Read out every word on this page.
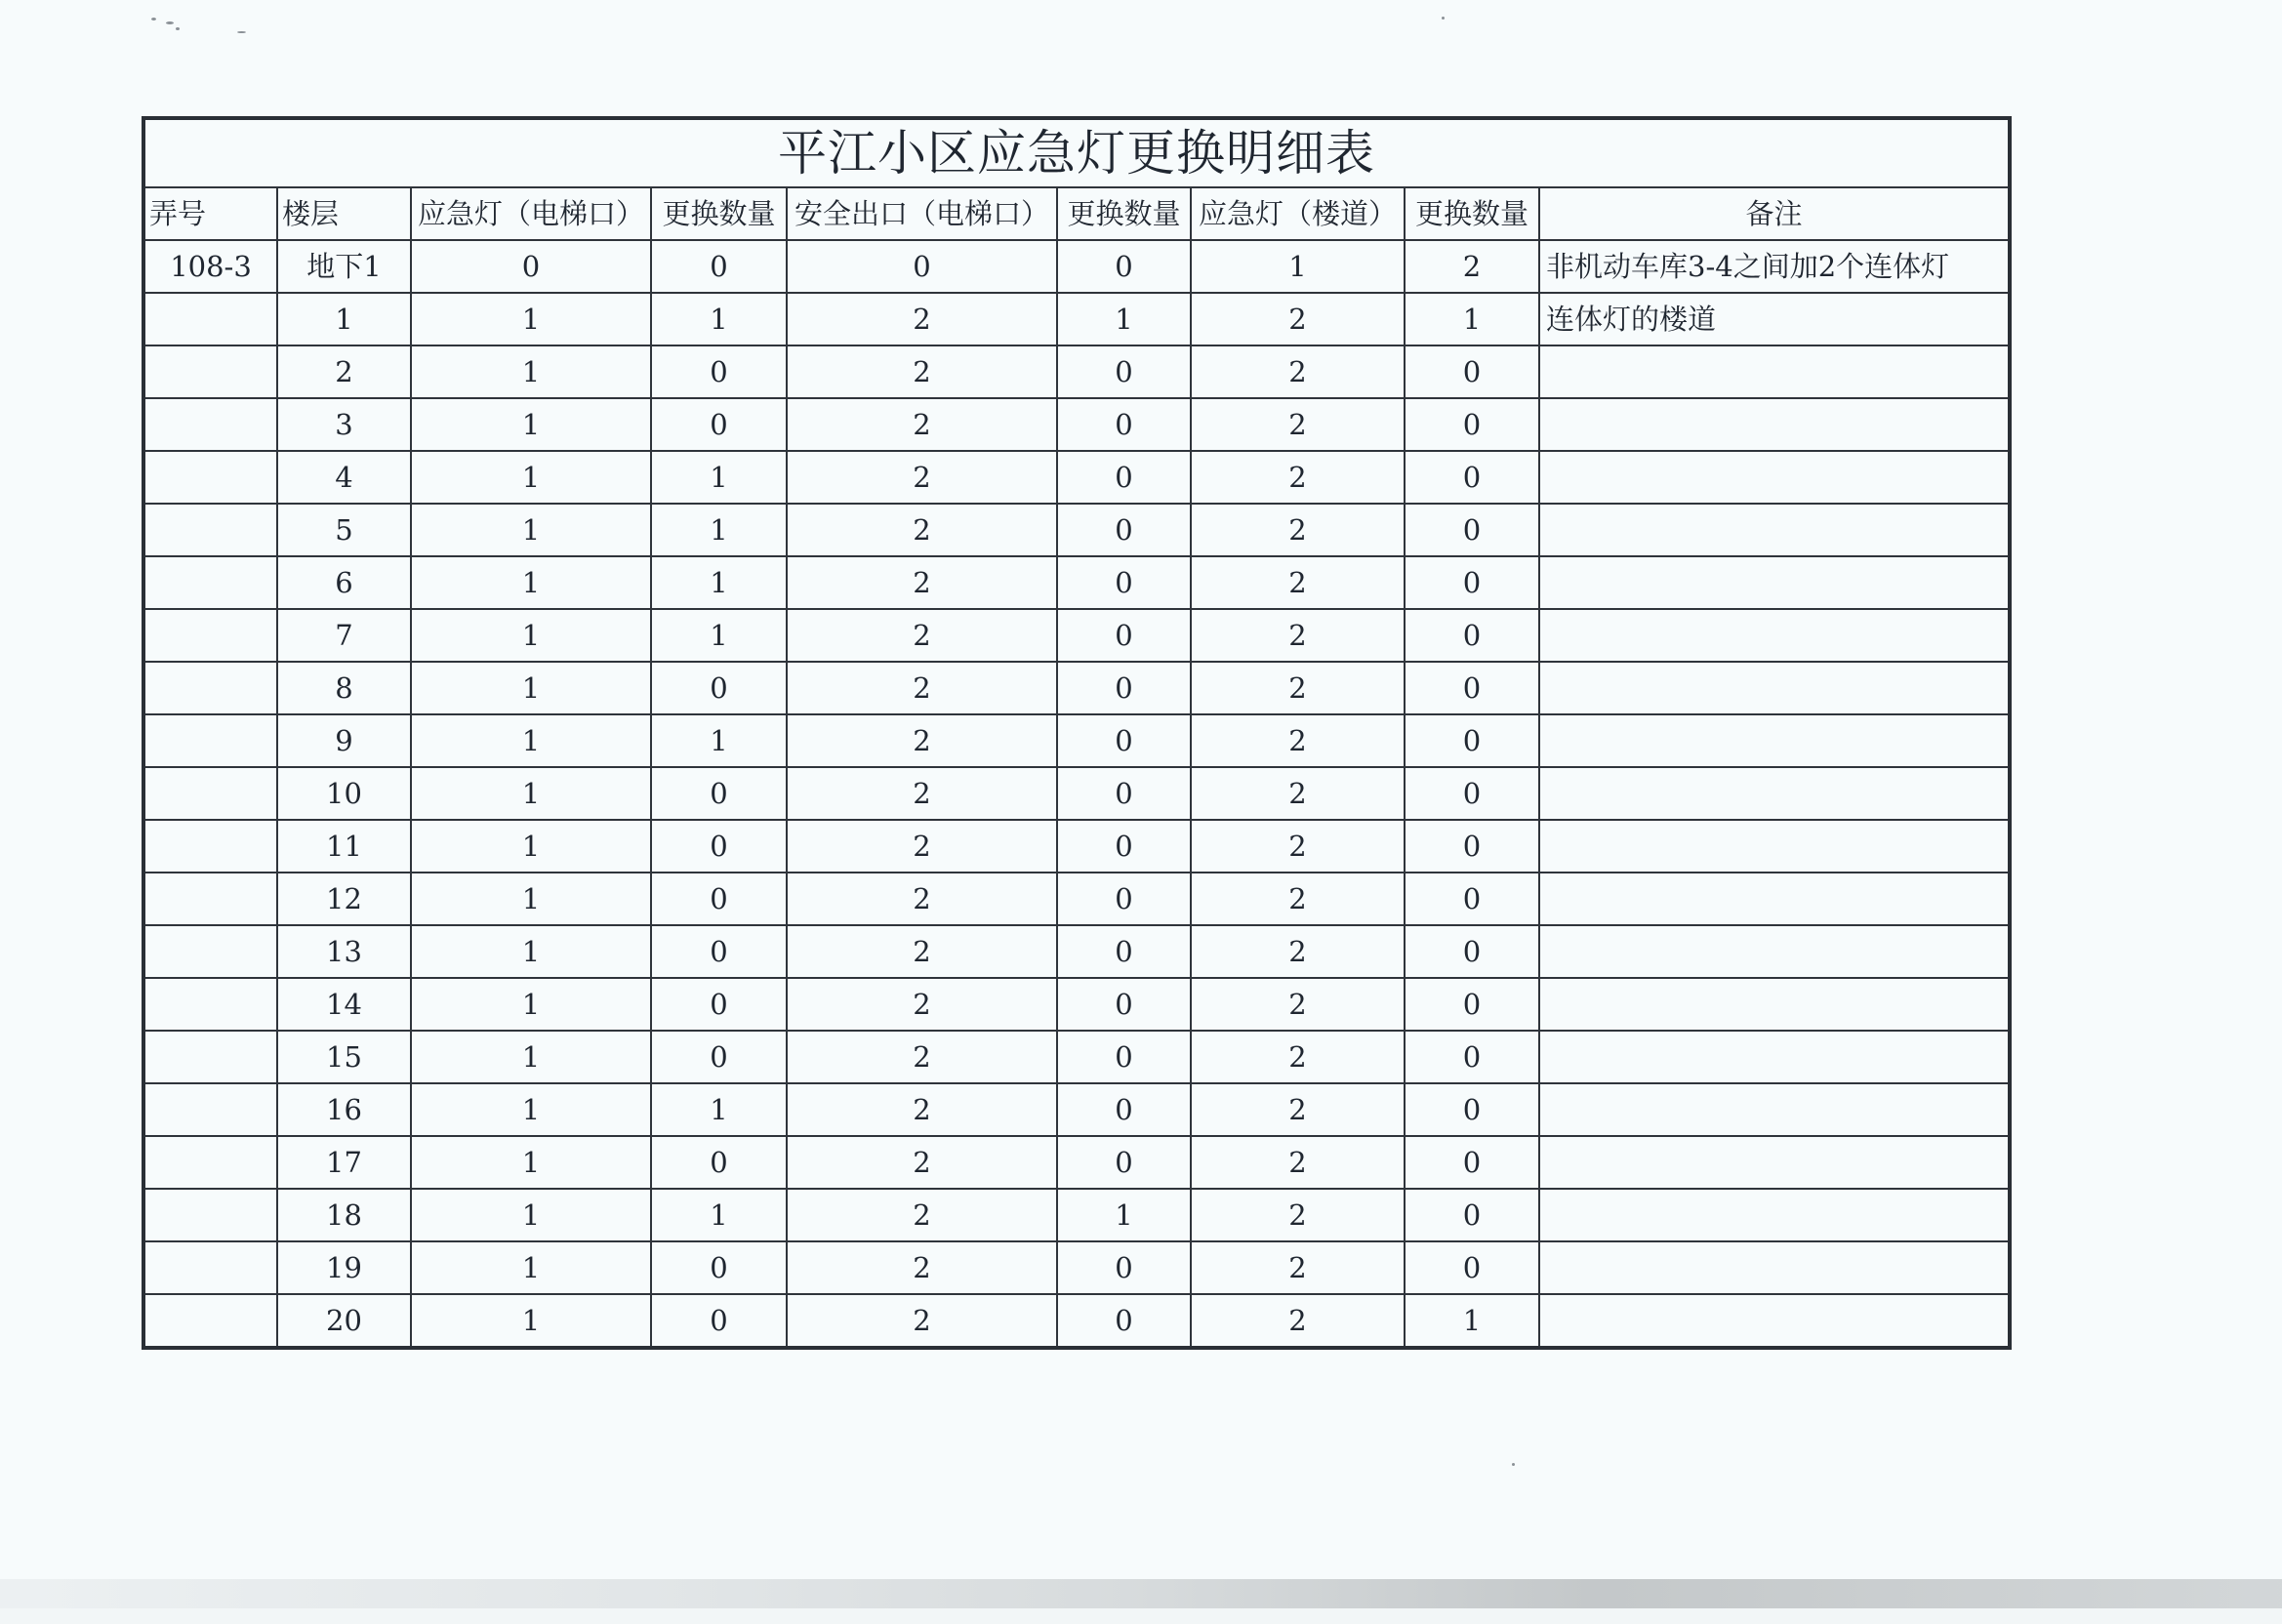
平江小区应急灯更换明细表								
弄号	楼层	应急灯（电梯口）	更换数量	安全出口（电梯口）	更换数量	应急灯（楼道）	更换数量	备注
108-3	地下1	0	0	0	0	1	2	非机动车库3-4之间加2个连体灯
	1	1	1	2	1	2	1	连体灯的楼道
	2	1	0	2	0	2	0	
	3	1	0	2	0	2	0	
	4	1	1	2	0	2	0	
	5	1	1	2	0	2	0	
	6	1	1	2	0	2	0	
	7	1	1	2	0	2	0	
	8	1	0	2	0	2	0	
	9	1	1	2	0	2	0	
	10	1	0	2	0	2	0	
	11	1	0	2	0	2	0	
	12	1	0	2	0	2	0	
	13	1	0	2	0	2	0	
	14	1	0	2	0	2	0	
	15	1	0	2	0	2	0	
	16	1	1	2	0	2	0	
	17	1	0	2	0	2	0	
	18	1	1	2	1	2	0	
	19	1	0	2	0	2	0	
	20	1	0	2	0	2	1	
